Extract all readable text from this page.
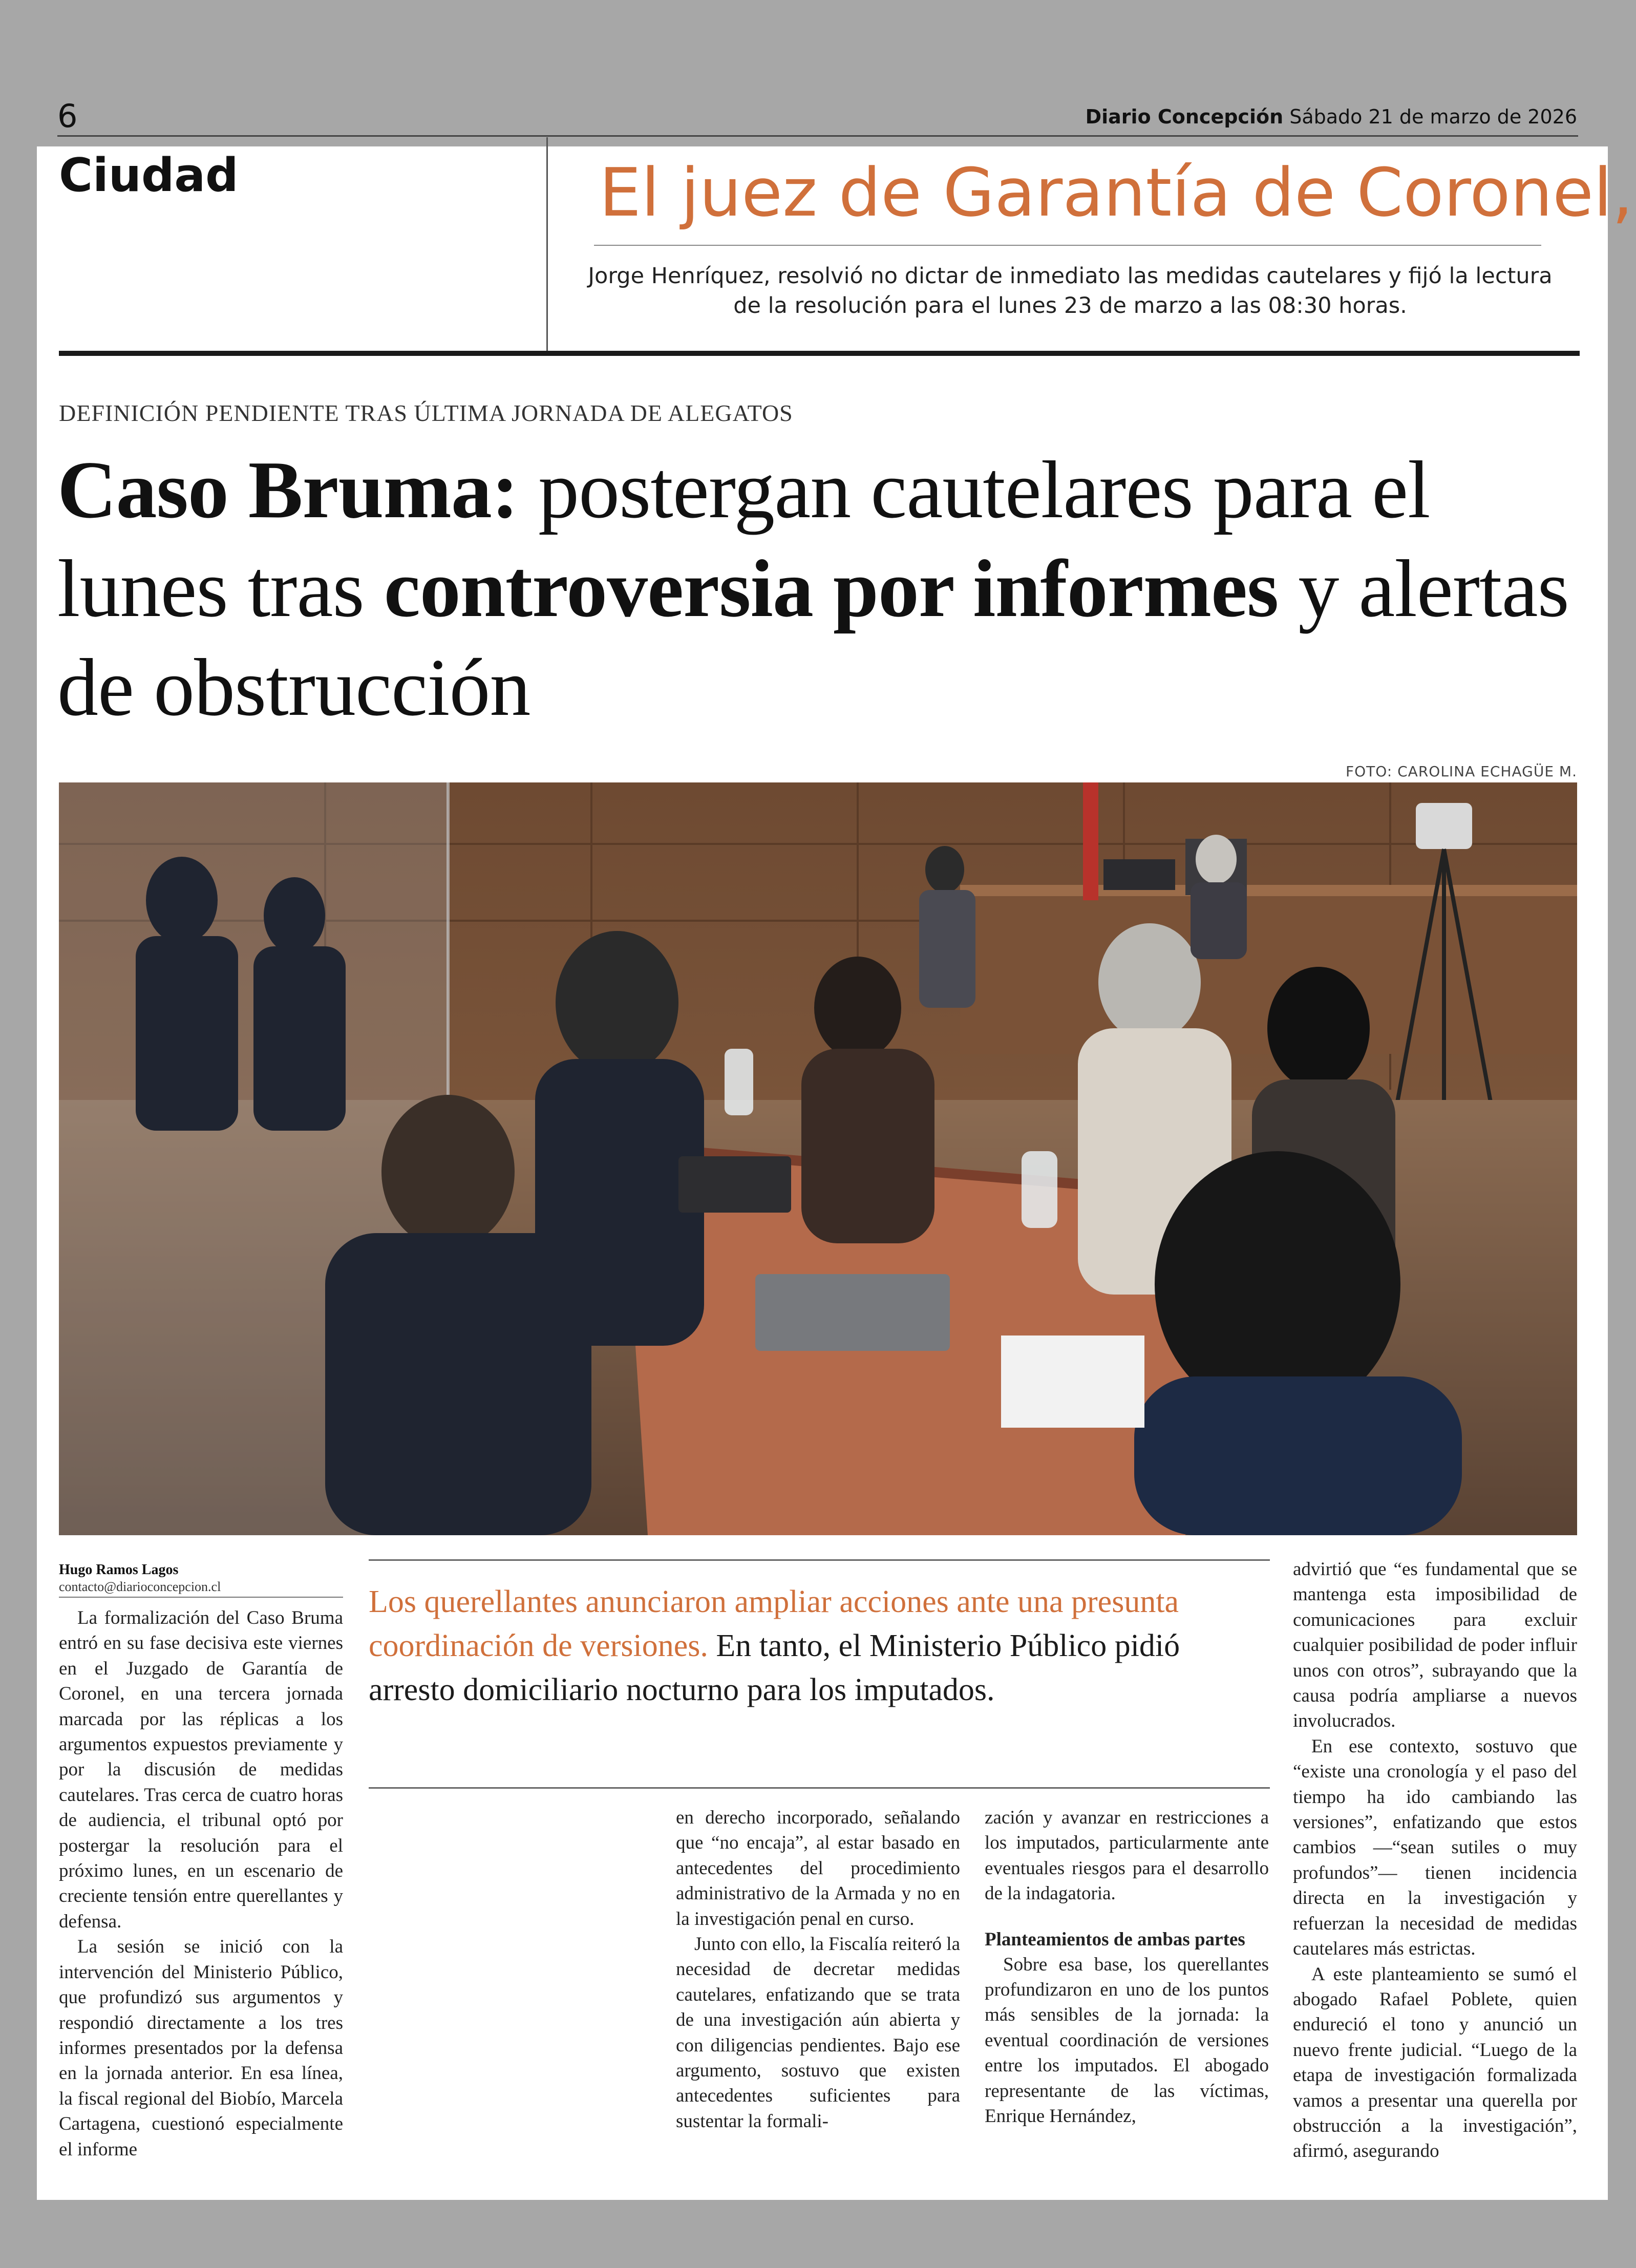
6	Diario Concepción Sábado 21 de marzo de 2026
Ciudad	El juez de Garantía de Coronel,
Jorge Henríquez, resolvió no dictar de inmediato las medidas cautelares y fijó la lectura de la resolución para el lunes 23 de marzo a las 08:30 horas.
DEFINICIÓN PENDIENTE TRAS ÚLTIMA JORNADA DE ALEGATOS
Caso Bruma: postergan cautelares para el lunes tras controversia por informes y alertas de obstrucción
FOTO: CAROLINA ECHAGÜE M.
Hugo Ramos Lagos
contacto@diarioconcepcion.cl

La formalización del Caso Bruma entró en su fase decisiva este viernes en el Juzgado de Garantía de Coronel, en una tercera jornada marcada por las réplicas a los argumentos expuestos previamente y por la discusión de medidas cautelares. Tras cerca de cuatro horas de audiencia, el tribunal optó por postergar la resolución para el próximo lunes, en un escenario de creciente tensión entre querellantes y defensa.

La sesión se inició con la intervención del Ministerio Público, que profundizó sus argumentos y respondió directamente a los tres informes presentados por la defensa en la jornada anterior. En esa línea, la fiscal regional del Biobío, Marcela Cartagena, cuestionó especialmente el informe

Los querellantes anunciaron ampliar acciones ante una presunta coordinación de versiones. En tanto, el Ministerio Público pidió arresto domiciliario nocturno para los imputados.

en derecho incorporado, señalando que “no encaja”, al estar basado en antecedentes del procedimiento administrativo de la Armada y no en la investigación penal en curso.

Junto con ello, la Fiscalía reiteró la necesidad de decretar medidas cautelares, enfatizando que se trata de una investigación aún abierta y con diligencias pendientes. Bajo ese argumento, sostuvo que existen antecedentes suficientes para sustentar la formali-

zación y avanzar en restricciones a los imputados, particularmente ante eventuales riesgos para el desarrollo de la indagatoria.

Planteamientos de ambas partes

Sobre esa base, los querellantes profundizaron en uno de los puntos más sensibles de la jornada: la eventual coordinación de versiones entre los imputados. El abogado representante de las víctimas, Enrique Hernández,

advirtió que “es fundamental que se mantenga esta imposibilidad de comunicaciones para excluir cualquier posibilidad de poder influir unos con otros”, subrayando que la causa podría ampliarse a nuevos involucrados.

En ese contexto, sostuvo que “existe una cronología y el paso del tiempo ha ido cambiando las versiones”, enfatizando que estos cambios —“sean sutiles o muy profundos”— tienen incidencia directa en la investigación y refuerzan la necesidad de medidas cautelares más estrictas.

A este planteamiento se sumó el abogado Rafael Poblete, quien endureció el tono y anunció un nuevo frente judicial. “Luego de la etapa de investigación formalizada vamos a presentar una querella por obstrucción a la investigación”, afirmó, asegurando
